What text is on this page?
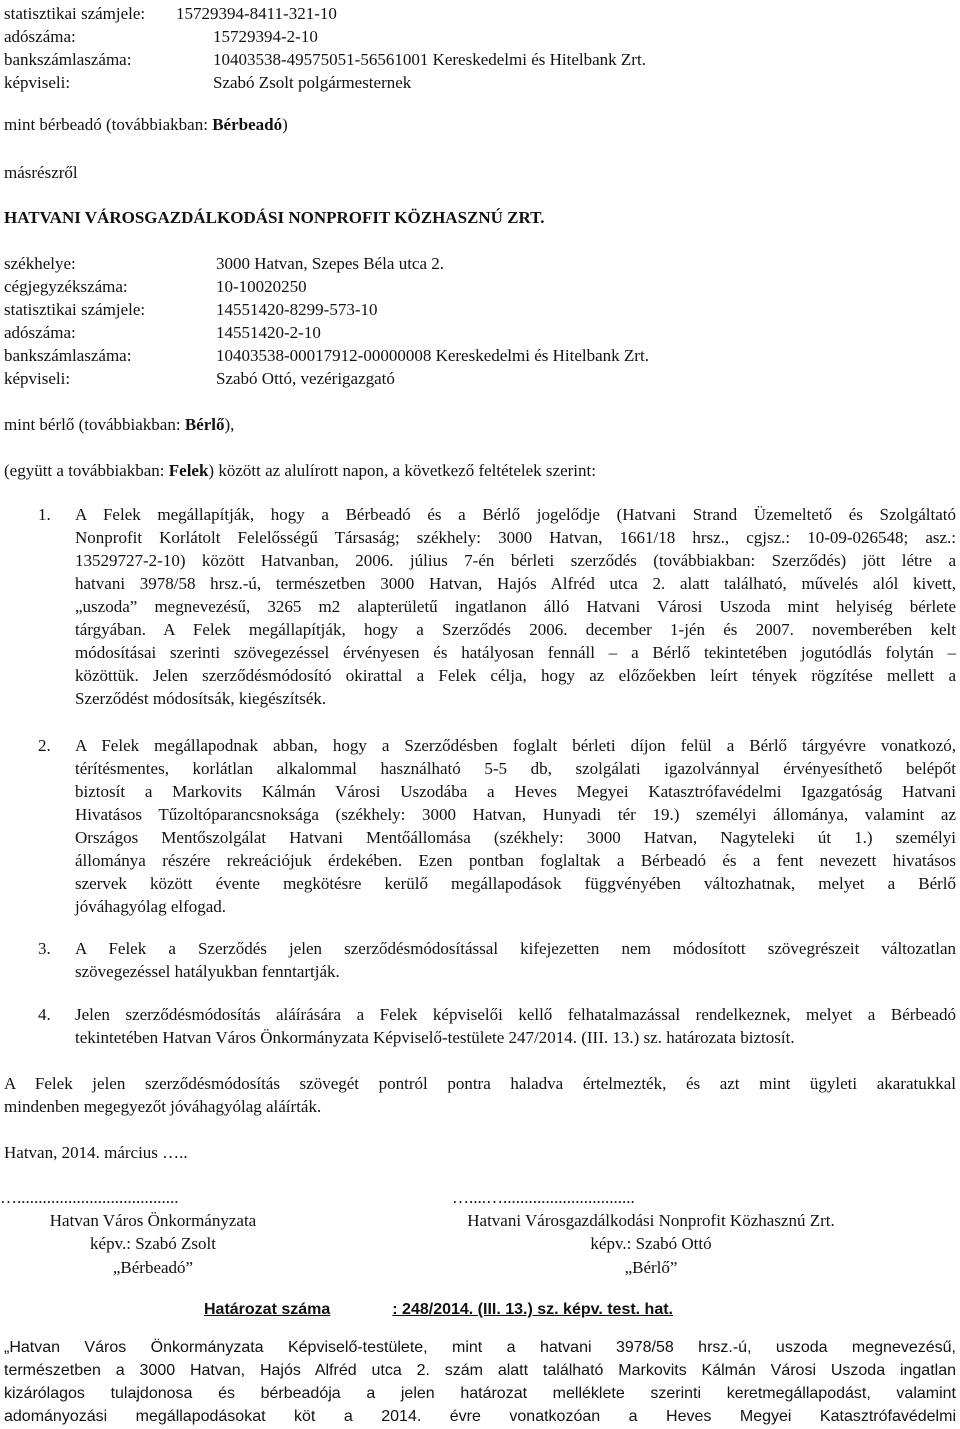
statisztikai számjele: 15729394-8411-321-10
adószáma:	15729394-2-10
bankszámlaszáma:	10403538-49575051-56561001 Kereskedelmi és Hitelbank Zrt.
képviseli:	Szabó Zsolt polgármesternek
mint bérbeadó (továbbiakban: Bérbeadó)
másrészről
HATVANI VÁROSGAZDÁLKODÁSI NONPROFIT KÖZHASZNÚ ZRT.
székhelye:	3000 Hatvan, Szepes Béla utca 2.
cégjegyzékszáma:	10-10020250
statisztikai számjele:	14551420-8299-573-10
adószáma:	14551420-2-10
bankszámlaszáma:	10403538-00017912-00000008 Kereskedelmi és Hitelbank Zrt.
képviseli:	Szabó Ottó, vezérigazgató
mint bérlő (továbbiakban: Bérlő),
(együtt a továbbiakban: Felek) között az alulírott napon, a következő feltételek szerint:
1. A Felek megállapítják, hogy a Bérbeadó és a Bérlő jogelődje (Hatvani Strand Üzemeltető és Szolgáltató
Nonprofit Korlátolt Felelősségű Társaság; székhely: 3000 Hatvan, 1661/18 hrsz., cgjsz.: 10-09-026548; asz.:
13529727-2-10) között Hatvanban, 2006. július 7-én bérleti szerződés (továbbiakban: Szerződés) jött létre a
hatvani 3978/58 hrsz.-ú, természetben 3000 Hatvan, Hajós Alfréd utca 2. alatt található, művelés alól kivett,
„uszoda” megnevezésű, 3265 m2 alapterületű ingatlanon álló Hatvani Városi Uszoda mint helyiség bérlete
tárgyában. A Felek megállapítják, hogy a Szerződés 2006. december 1-jén és 2007. novemberében kelt
módosításai szerinti szövegezéssel érvényesen és hatályosan fennáll – a Bérlő tekintetében jogutódlás folytán –
közöttük. Jelen szerződésmódosító okirattal a Felek célja, hogy az előzőekben leírt tények rögzítése mellett a
Szerződést módosítsák, kiegészítsék.
2. A Felek megállapodnak abban, hogy a Szerződésben foglalt bérleti díjon felül a Bérlő tárgyévre vonatkozó,
térítésmentes, korlátlan alkalommal használható 5-5 db, szolgálati igazolvánnyal érvényesíthető belépőt
biztosít a Markovits Kálmán Városi Uszodába a Heves Megyei Katasztrófavédelmi Igazgatóság Hatvani
Hivatásos Tűzoltóparancsnoksága (székhely: 3000 Hatvan, Hunyadi tér 19.) személyi állománya, valamint az
Országos Mentőszolgálat Hatvani Mentőállomása (székhely: 3000 Hatvan, Nagyteleki út 1.) személyi
állománya részére rekreációjuk érdekében. Ezen pontban foglaltak a Bérbeadó és a fent nevezett hivatásos
szervek között évente megkötésre kerülő megállapodások függvényében változhatnak, melyet a Bérlő
jóváhagyólag elfogad.
3. A Felek a Szerződés jelen szerződésmódosítással kifejezetten nem módosított szövegrészeit változatlan
szövegezéssel hatályukban fenntartják.
4. Jelen szerződésmódosítás aláírására a Felek képviselői kellő felhatalmazással rendelkeznek, melyet a Bérbeadó
tekintetében Hatvan Város Önkormányzata Képviselő-testülete 247/2014. (III. 13.) sz. határozata biztosít.
A Felek jelen szerződésmódosítás szövegét pontról pontra haladva értelmezték, és azt mint ügyleti akaratukkal
mindenben megegyezőt jóváhagyólag aláírták.
Hatvan, 2014. március …..
…......................................
Hatvan Város Önkormányzata
képv.: Szabó Zsolt
„Bérbeadó”
…....…...............................
Hatvani Városgazdálkodási Nonprofit Közhasznú Zrt.
képv.: Szabó Ottó
„Bérlő”
Határozat száma	: 248/2014. (III. 13.) sz. képv. test. hat.
„Hatvan Város Önkormányzata Képviselő-testülete, mint a hatvani 3978/58 hrsz.-ú, uszoda megnevezésű,
természetben a 3000 Hatvan, Hajós Alfréd utca 2. szám alatt található Markovits Kálmán Városi Uszoda ingatlan
kizárólagos tulajdonosa és bérbeadója a jelen határozat melléklete szerinti keretmegállapodást, valamint
adományozási megállapodásokat köt a 2014. évre vonatkozóan a Heves Megyei Katasztrófavédelmi
